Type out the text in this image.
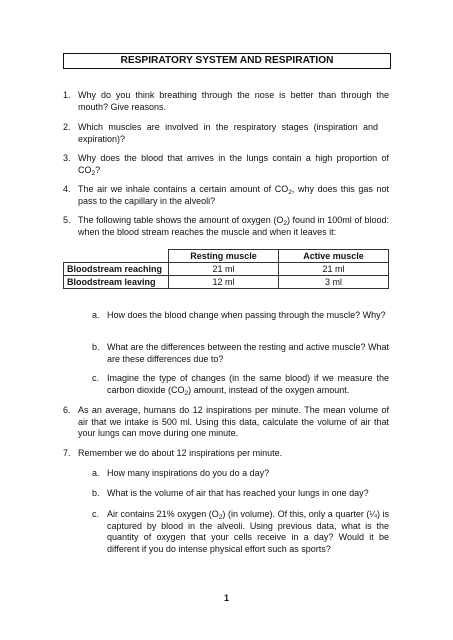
RESPIRATORY SYSTEM AND RESPIRATION
1. Why do you think breathing through the nose is better than through the mouth? Give reasons.
2. Which muscles are involved in the respiratory stages (inspiration and expiration)?
3. Why does the blood that arrives in the lungs contain a high proportion of $CO_2$?
4. The air we inhale contains a certain amount of $CO_2$, why does this gas not pass to the capillary in the alveoli?
5. The following table shows the amount of oxygen $(O_2)$ found in 100ml of blood: when the blood stream reaches the muscle and when it leaves it:
	Resting muscle	Active muscle
Bloodstream reaching	21 ml	21 ml
Bloodstream leaving	12 ml	3 ml
a. How does the blood change when passing through the muscle? Why?
b. What are the differences between the resting and active muscle? What are these differences due to?
c. Imagine the type of changes (in the same blood) if we measure the carbon dioxide $(CO_2)$ amount, instead of the oxygen amount.
6. As an average, humans do 12 inspirations per minute. The mean volume of air that we intake is 500 ml. Using this data, calculate the volume of air that your lungs can move during one minute.
7. Remember we do about 12 inspirations per minute.
a. How many inspirations do you do a day?
b. What is the volume of air that has reached your lungs in one day?
c. Air contains 21% oxygen $(O_2)$ (in volume). Of this, only a quarter (¼) is captured by blood in the alveoli. Using previous data, what is the quantity of oxygen that your cells receive in a day? Would it be different if you do intense physical effort such as sports?
1
